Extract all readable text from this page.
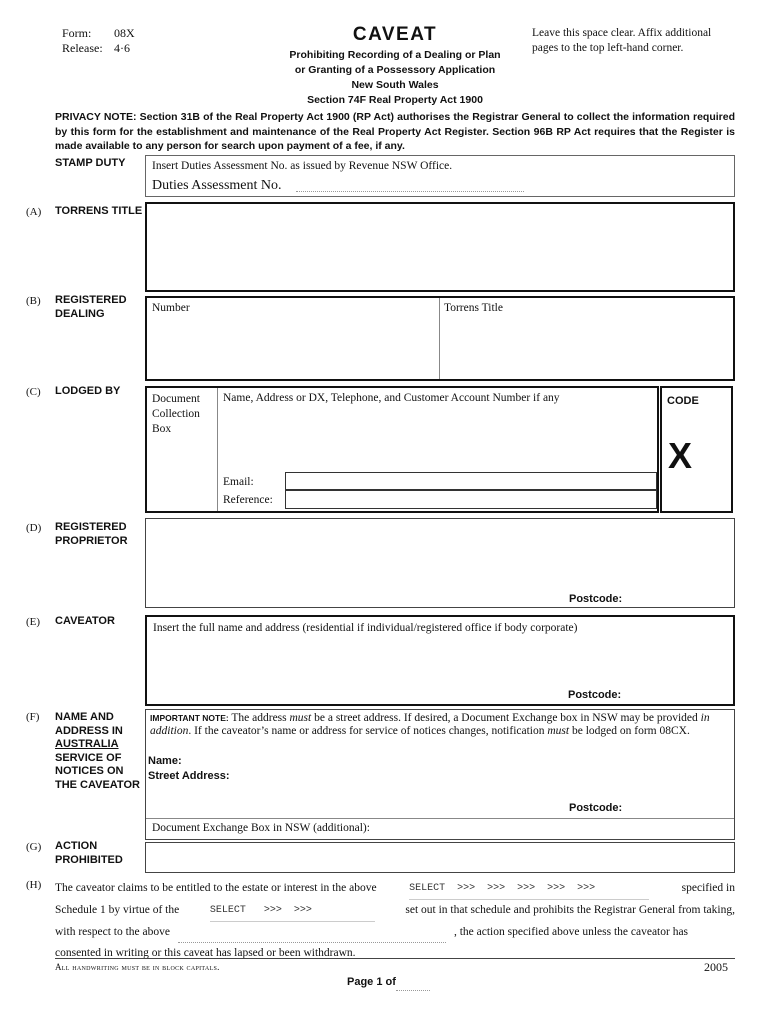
Form: 08X
Release: 4·6
CAVEAT
Prohibiting Recording of a Dealing or Plan
or Granting of a Possessory Application
New South Wales
Section 74F Real Property Act 1900
Leave this space clear. Affix additional
pages to the top left-hand corner.
PRIVACY NOTE: Section 31B of the Real Property Act 1900 (RP Act) authorises the Registrar General to collect the information required by this form for the establishment and maintenance of the Real Property Act Register. Section 96B RP Act requires that the Register is made available to any person for search upon payment of a fee, if any.
STAMP DUTY Insert Duties Assessment No. as issued by Revenue NSW Office.
Duties Assessment No.
(A) TORRENS TITLE
(B) REGISTERED DEALING	Number	Torrens Title
(C) LODGED BY
Document Collection Box
Name, Address or DX, Telephone, and Customer Account Number if any
Email:
Reference:
CODE
X
(D) REGISTERED PROPRIETOR
Postcode:
(E) CAVEATOR
Insert the full name and address (residential if individual/registered office if body corporate)
Postcode:
(F) NAME AND
ADDRESS IN
AUSTRALIA
SERVICE OF
NOTICES ON
THE CAVEATOR
IMPORTANT NOTE: The address must be a street address. If desired, a Document Exchange box in NSW may be provided in addition. If the caveator’s name or address for service of notices changes, notification must be lodged on form 08CX.
Name:
Street Address:
Postcode:
Document Exchange Box in NSW (additional):
(G) ACTION PROHIBITED
(H) The caveator claims to be entitled to the estate or interest in the above	SELECT  >>>  >>>  >>>  >>>  >>>	specified in
Schedule 1 by virtue of the	SELECT   >>>  >>>	set out in that schedule and prohibits the Registrar General from taking,
with respect to the above	, the action specified above unless the caveator has
consented in writing or this caveat has lapsed or been withdrawn.
All handwriting must be in block capitals.	2005
Page 1 of
